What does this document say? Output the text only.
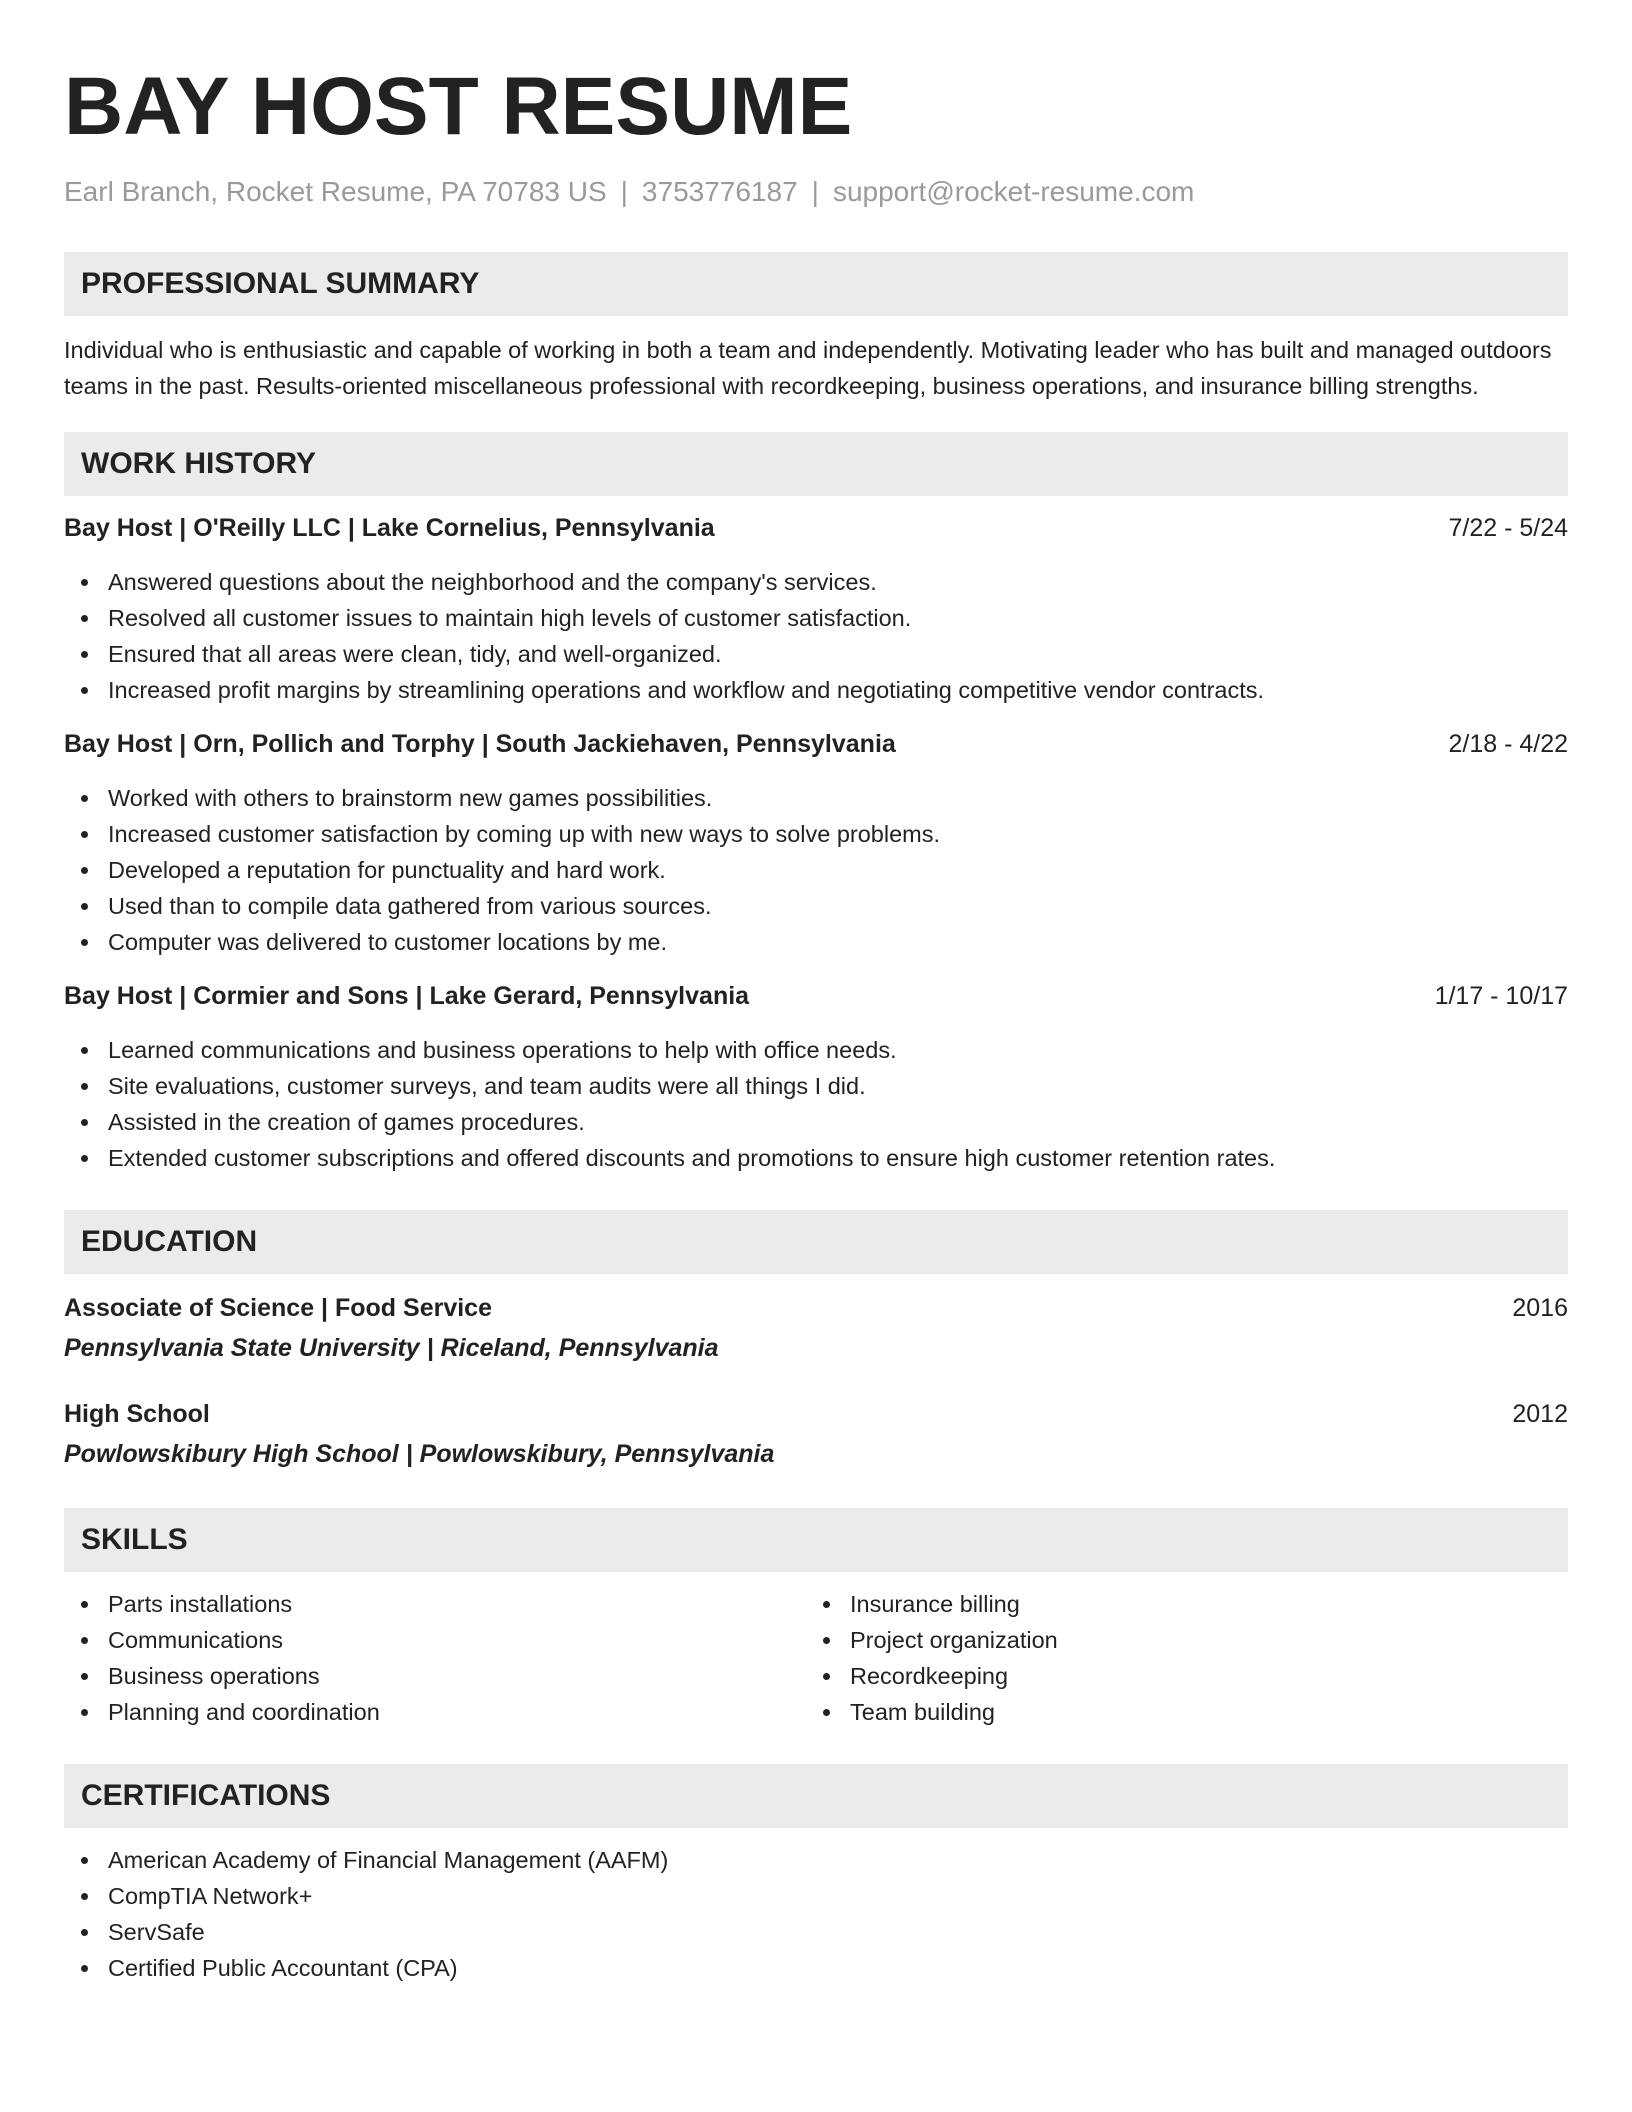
BAY HOST RESUME
Earl Branch, Rocket Resume, PA 70783 US | 3753776187 | support@rocket-resume.com
PROFESSIONAL SUMMARY
Individual who is enthusiastic and capable of working in both a team and independently. Motivating leader who has built and managed outdoors teams in the past. Results-oriented miscellaneous professional with recordkeeping, business operations, and insurance billing strengths.
WORK HISTORY
Bay Host | O'Reilly LLC | Lake Cornelius, Pennsylvania	7/22 - 5/24
Answered questions about the neighborhood and the company's services.
Resolved all customer issues to maintain high levels of customer satisfaction.
Ensured that all areas were clean, tidy, and well-organized.
Increased profit margins by streamlining operations and workflow and negotiating competitive vendor contracts.
Bay Host | Orn, Pollich and Torphy | South Jackiehaven, Pennsylvania	2/18 - 4/22
Worked with others to brainstorm new games possibilities.
Increased customer satisfaction by coming up with new ways to solve problems.
Developed a reputation for punctuality and hard work.
Used than to compile data gathered from various sources.
Computer was delivered to customer locations by me.
Bay Host | Cormier and Sons | Lake Gerard, Pennsylvania	1/17 - 10/17
Learned communications and business operations to help with office needs.
Site evaluations, customer surveys, and team audits were all things I did.
Assisted in the creation of games procedures.
Extended customer subscriptions and offered discounts and promotions to ensure high customer retention rates.
EDUCATION
Associate of Science | Food Service	2016
Pennsylvania State University | Riceland, Pennsylvania
High School	2012
Powlowskibury High School | Powlowskibury, Pennsylvania
SKILLS
Parts installations
Communications
Business operations
Planning and coordination
Insurance billing
Project organization
Recordkeeping
Team building
CERTIFICATIONS
American Academy of Financial Management (AAFM)
CompTIA Network+
ServSafe
Certified Public Accountant (CPA)
